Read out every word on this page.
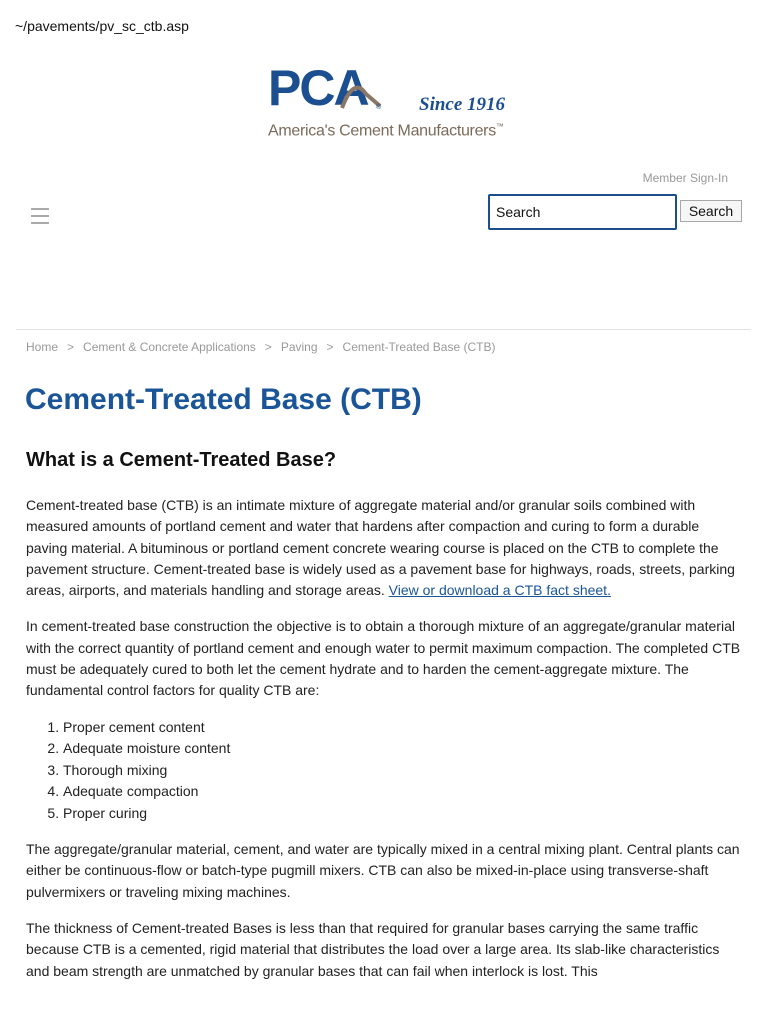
~/pavements/pv_sc_ctb.asp
PCA ® Since 1916
America's Cement Manufacturers™
Member Sign-In
Search
Search
Home > Cement & Concrete Applications > Paving > Cement-Treated Base (CTB)
Cement-Treated Base (CTB)
What is a Cement-Treated Base?

Cement-treated base (CTB) is an intimate mixture of aggregate material and/or granular soils combined with measured amounts of portland cement and water that hardens after compaction and curing to form a durable paving material. A bituminous or portland cement concrete wearing course is placed on the CTB to complete the pavement structure. Cement-treated base is widely used as a pavement base for highways, roads, streets, parking areas, airports, and materials handling and storage areas. View or download a CTB fact sheet.

In cement-treated base construction the objective is to obtain a thorough mixture of an aggregate/granular material with the correct quantity of portland cement and enough water to permit maximum compaction. The completed CTB must be adequately cured to both let the cement hydrate and to harden the cement-aggregate mixture. The fundamental control factors for quality CTB are:

1. Proper cement content
2. Adequate moisture content
3. Thorough mixing
4. Adequate compaction
5. Proper curing

The aggregate/granular material, cement, and water are typically mixed in a central mixing plant. Central plants can either be continuous-flow or batch-type pugmill mixers. CTB can also be mixed-in-place using transverse-shaft pulvermixers or traveling mixing machines.

The thickness of Cement-treated Bases is less than that required for granular bases carrying the same traffic because CTB is a cemented, rigid material that distributes the load over a large area. Its slab-like characteristics and beam strength are unmatched by granular bases that can fail when interlock is lost. This
